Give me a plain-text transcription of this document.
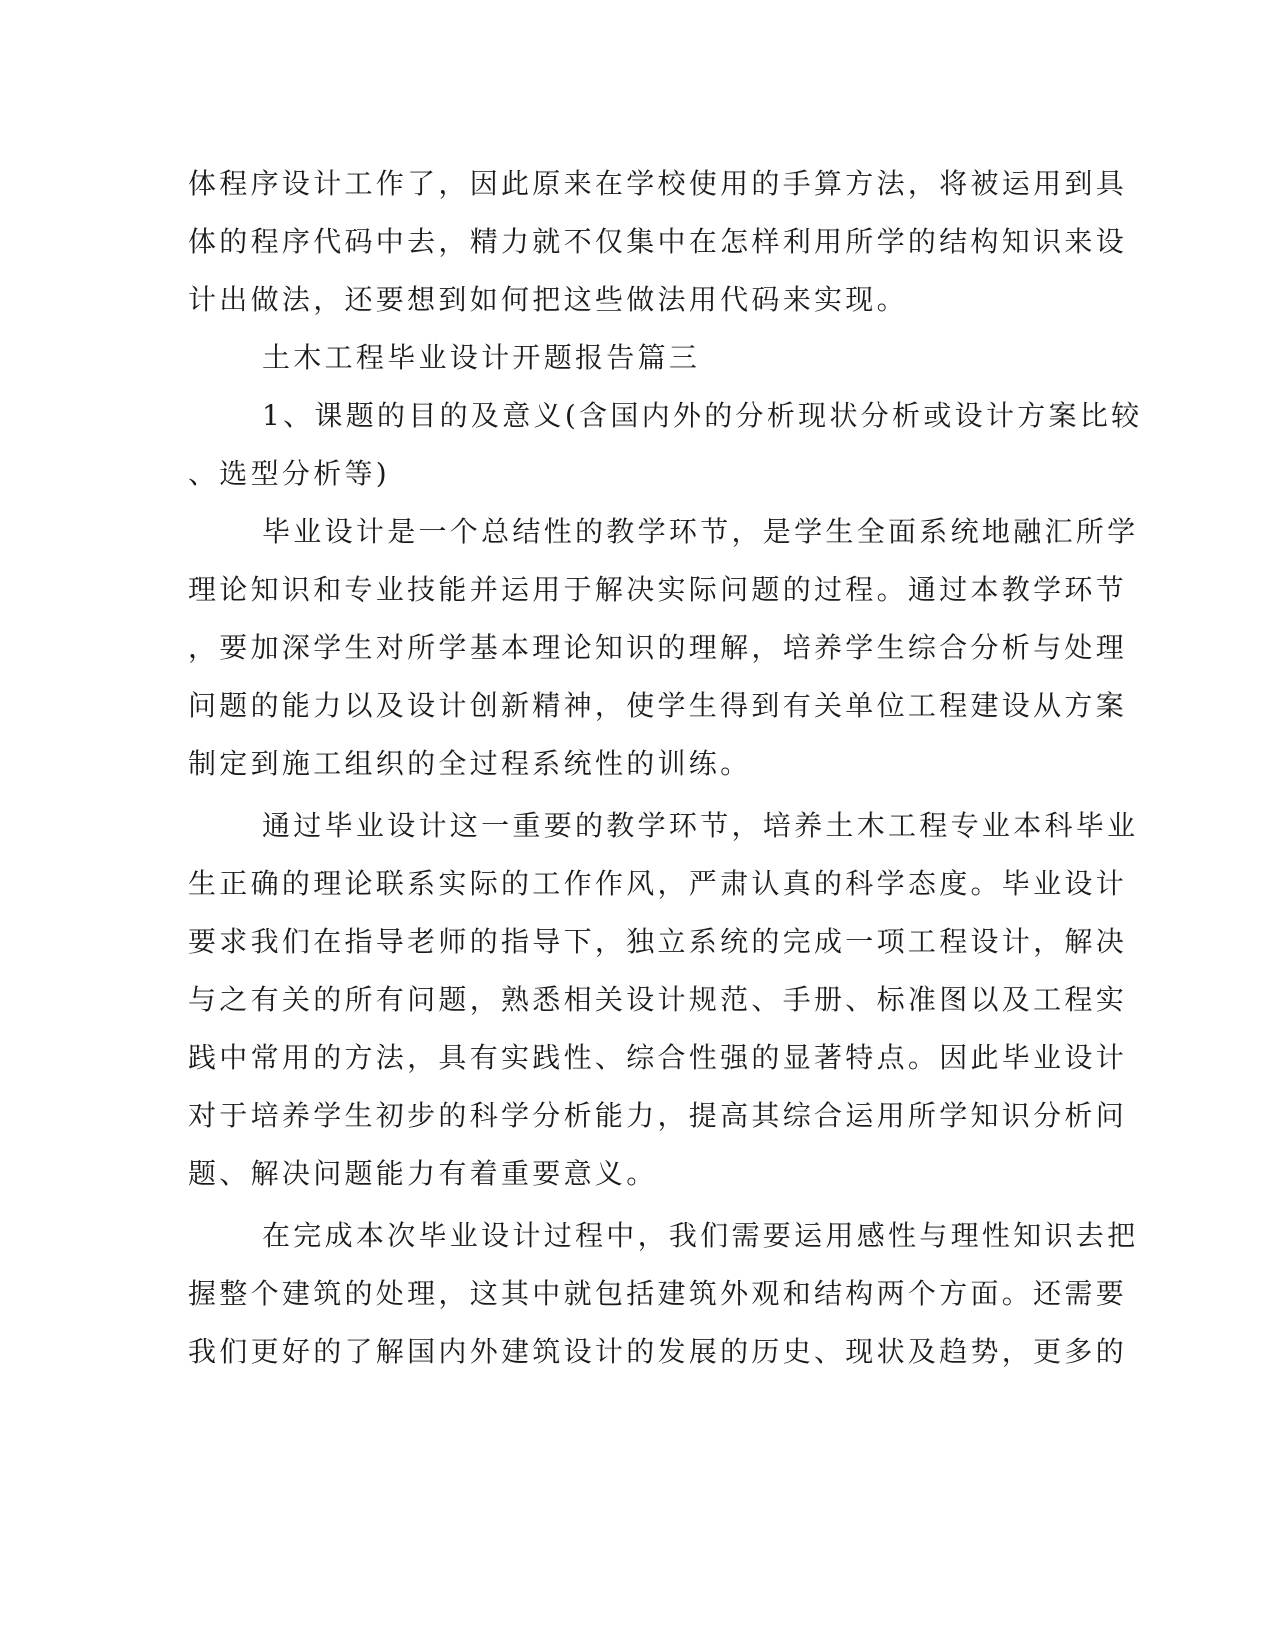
体程序设计工作了，因此原来在学校使用的手算方法，将被运用到具
体的程序代码中去，精力就不仅集中在怎样利用所学的结构知识来设
计出做法，还要想到如何把这些做法用代码来实现。
土木工程毕业设计开题报告篇三
1、课题的目的及意义(含国内外的分析现状分析或设计方案比较
、选型分析等)
毕业设计是一个总结性的教学环节，是学生全面系统地融汇所学
理论知识和专业技能并运用于解决实际问题的过程。通过本教学环节
，要加深学生对所学基本理论知识的理解，培养学生综合分析与处理
问题的能力以及设计创新精神，使学生得到有关单位工程建设从方案
制定到施工组织的全过程系统性的训练。
通过毕业设计这一重要的教学环节，培养土木工程专业本科毕业
生正确的理论联系实际的工作作风，严肃认真的科学态度。毕业设计
要求我们在指导老师的指导下，独立系统的完成一项工程设计，解决
与之有关的所有问题，熟悉相关设计规范、手册、标准图以及工程实
践中常用的方法，具有实践性、综合性强的显著特点。因此毕业设计
对于培养学生初步的科学分析能力，提高其综合运用所学知识分析问
题、解决问题能力有着重要意义。
在完成本次毕业设计过程中，我们需要运用感性与理性知识去把
握整个建筑的处理，这其中就包括建筑外观和结构两个方面。还需要
我们更好的了解国内外建筑设计的发展的历史、现状及趋势，更多的
